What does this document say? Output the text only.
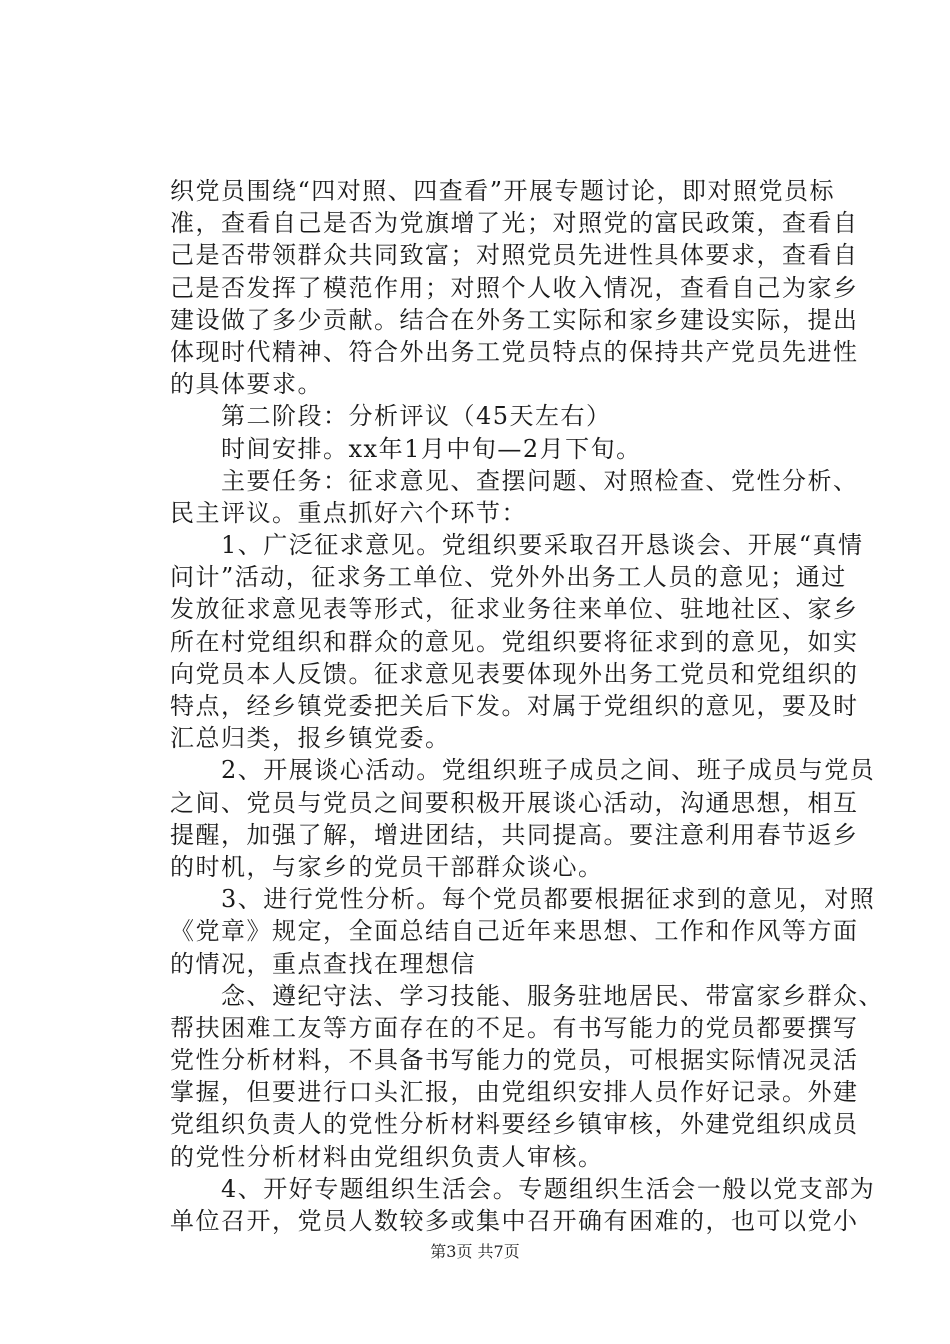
织党员围绕“四对照、四查看”开展专题讨论，即对照党员标
准，查看自己是否为党旗增了光；对照党的富民政策，查看自
己是否带领群众共同致富；对照党员先进性具体要求，查看自
己是否发挥了模范作用；对照个人收入情况，查看自己为家乡
建设做了多少贡献。结合在外务工实际和家乡建设实际，提出
体现时代精神、符合外出务工党员特点的保持共产党员先进性
的具体要求。
　　第二阶段：分析评议（45天左右）
　　时间安排。xx年1月中旬—2月下旬。
　　主要任务：征求意见、查摆问题、对照检查、党性分析、
民主评议。重点抓好六个环节：
　　1、广泛征求意见。党组织要采取召开恳谈会、开展“真情
问计”活动，征求务工单位、党外外出务工人员的意见；通过
发放征求意见表等形式，征求业务往来单位、驻地社区、家乡
所在村党组织和群众的意见。党组织要将征求到的意见，如实
向党员本人反馈。征求意见表要体现外出务工党员和党组织的
特点，经乡镇党委把关后下发。对属于党组织的意见，要及时
汇总归类，报乡镇党委。
　　2、开展谈心活动。党组织班子成员之间、班子成员与党员
之间、党员与党员之间要积极开展谈心活动，沟通思想，相互
提醒，加强了解，增进团结，共同提高。要注意利用春节返乡
的时机，与家乡的党员干部群众谈心。
　　3、进行党性分析。每个党员都要根据征求到的意见，对照
《党章》规定，全面总结自己近年来思想、工作和作风等方面
的情况，重点查找在理想信
　　念、遵纪守法、学习技能、服务驻地居民、带富家乡群众、
帮扶困难工友等方面存在的不足。有书写能力的党员都要撰写
党性分析材料，不具备书写能力的党员，可根据实际情况灵活
掌握，但要进行口头汇报，由党组织安排人员作好记录。外建
党组织负责人的党性分析材料要经乡镇审核，外建党组织成员
的党性分析材料由党组织负责人审核。
　　4、开好专题组织生活会。专题组织生活会一般以党支部为
单位召开，党员人数较多或集中召开确有困难的，也可以党小
第3页 共7页
